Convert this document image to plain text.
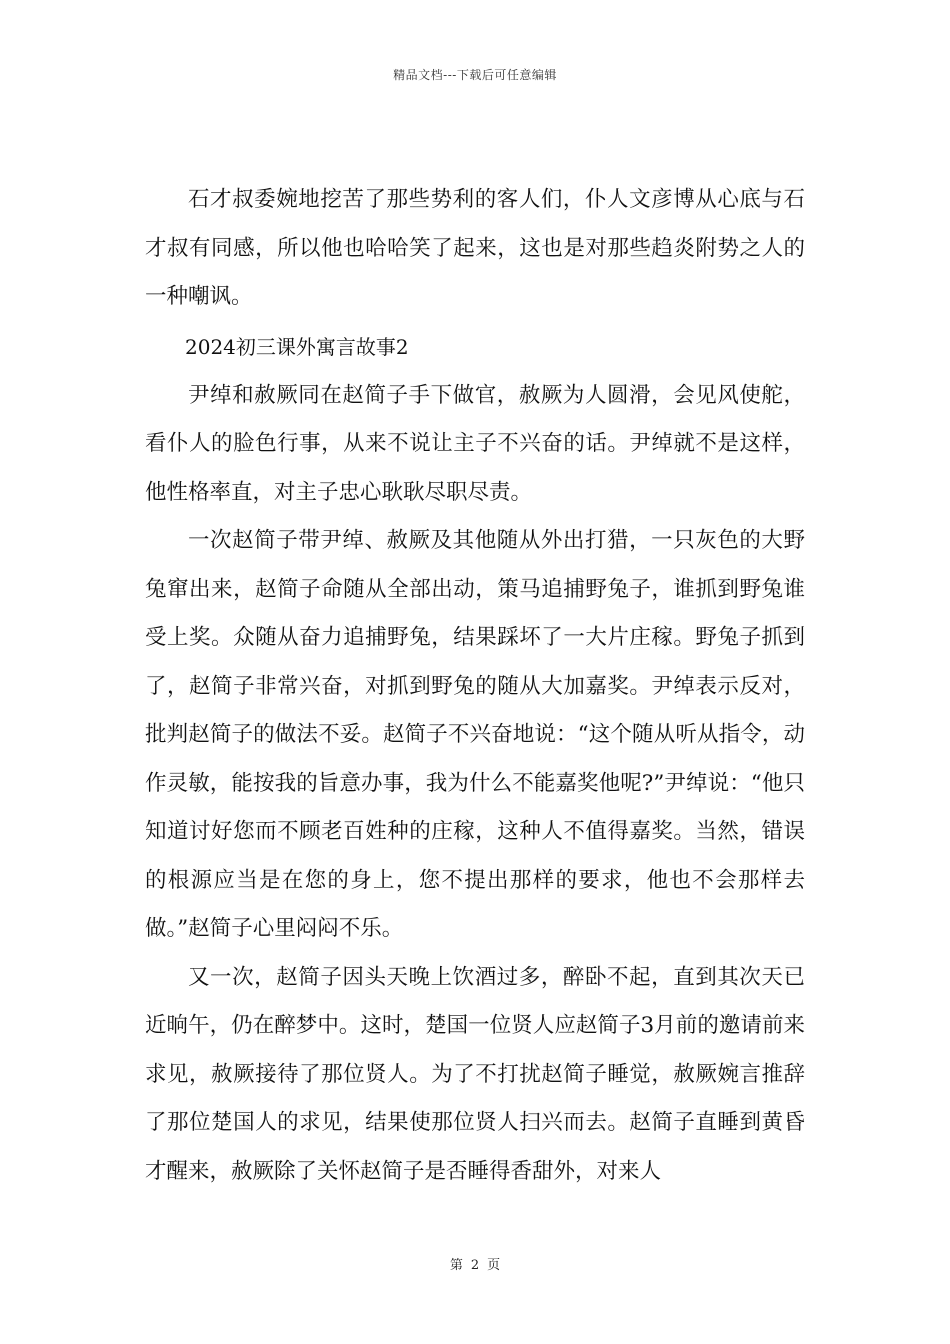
精品文档---下载后可任意编辑

石才叔委婉地挖苦了那些势利的客人们，仆人文彦博从心底与石才叔有同感，所以他也哈哈笑了起来，这也是对那些趋炎附势之人的一种嘲讽。

2024初三课外寓言故事2

尹绰和赦厥同在赵简子手下做官，赦厥为人圆滑，会见风使舵，看仆人的脸色行事，从来不说让主子不兴奋的话。尹绰就不是这样，他性格率直，对主子忠心耿耿尽职尽责。

一次赵简子带尹绰、赦厥及其他随从外出打猎，一只灰色的大野兔窜出来，赵简子命随从全部出动，策马追捕野兔子，谁抓到野兔谁受上奖。众随从奋力追捕野兔，结果踩坏了一大片庄稼。野兔子抓到了，赵简子非常兴奋，对抓到野兔的随从大加嘉奖。尹绰表示反对，批判赵简子的做法不妥。赵简子不兴奋地说：“这个随从听从指令，动作灵敏，能按我的旨意办事，我为什么不能嘉奖他呢?”尹绰说：“他只知道讨好您而不顾老百姓种的庄稼，这种人不值得嘉奖。当然，错误的根源应当是在您的身上，您不提出那样的要求，他也不会那样去做。”赵简子心里闷闷不乐。

又一次，赵简子因头天晚上饮酒过多，醉卧不起，直到其次天已近晌午，仍在醉梦中。这时，楚国一位贤人应赵简子3月前的邀请前来求见，赦厥接待了那位贤人。为了不打扰赵简子睡觉，赦厥婉言推辞了那位楚国人的求见，结果使那位贤人扫兴而去。赵简子直睡到黄昏才醒来，赦厥除了关怀赵简子是否睡得香甜外，对来人

第 2 页
